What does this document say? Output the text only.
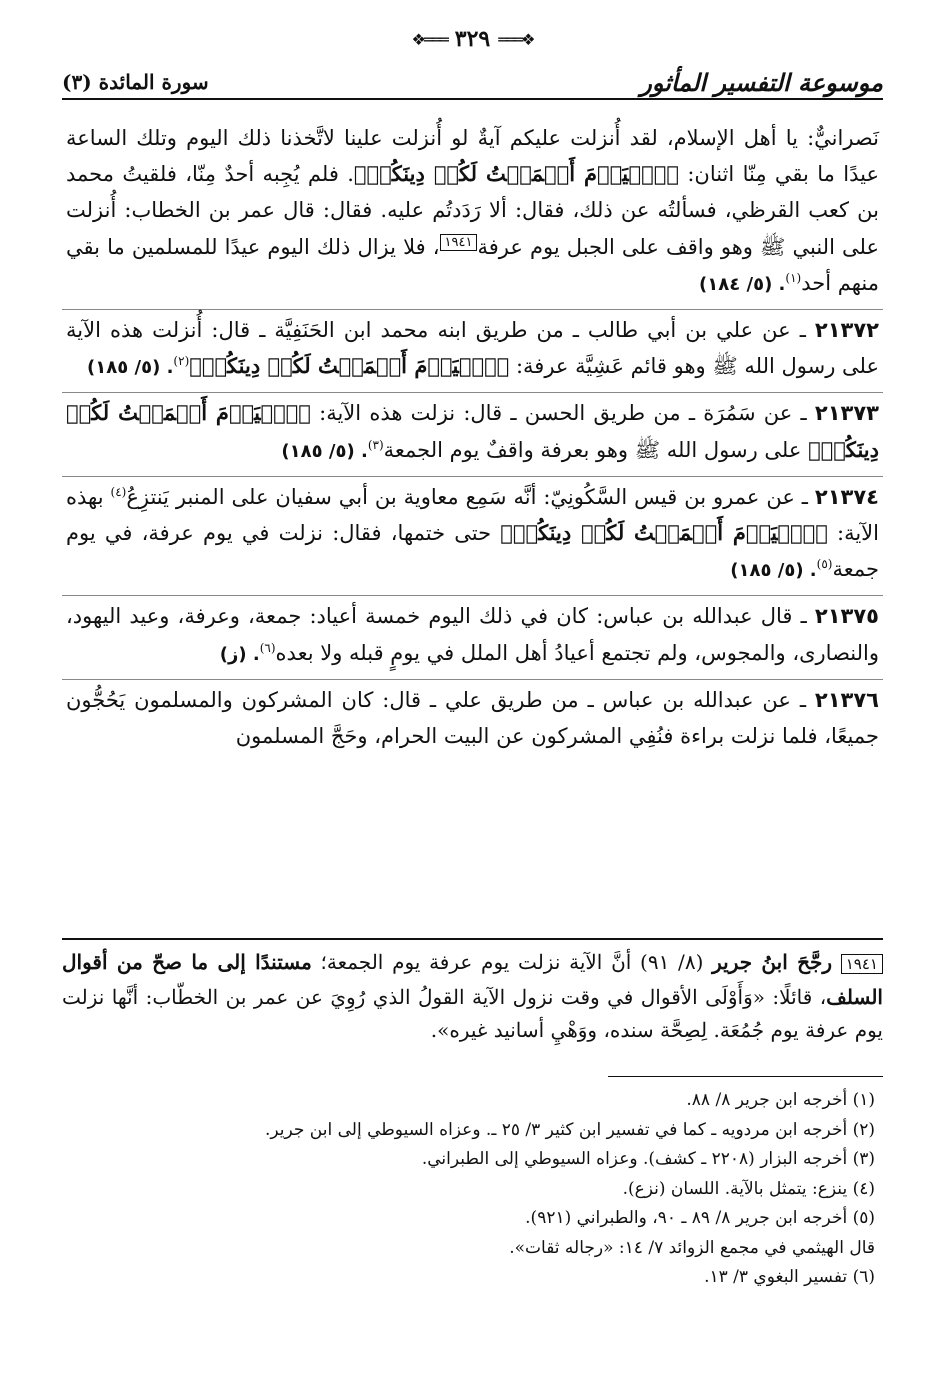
سورة المائدة (٣)	موسوعة التفسير المأثور
❖═══ ٣٢٩ ═══❖

نَصرانيٌّ: يا أهل الإسلام، لقد أُنزلت عليكم آيةٌ لو أُنزلت علينا لاتَّخذنا ذلك اليوم وتلك الساعة عيدًا ما بقي مِنّا اثنان: ﴿ٱلۡيَوۡمَ أَكۡمَلۡتُ لَكُمۡ دِينَكُمۡ﴾. فلم يُجِبه أحدٌ مِنّا، فلقيتُ محمد بن كعب القرظي، فسألتُه عن ذلك، فقال: ألا رَدَدتُم عليه. فقال: قال عمر بن الخطاب: أُنزلت على النبي ﷺ وهو واقف على الجبل يوم عرفة$^{١٩٤١}$، فلا يزال ذلك اليوم عيدًا للمسلمين ما بقي منهم أحد$^{(١)}$. (٥/ ١٨٤)

٢١٣٧٢ ـ عن علي بن أبي طالب ـ من طريق ابنه محمد ابن الحَنَفِيَّة ـ قال: أُنزلت هذه الآية على رسول الله ﷺ وهو قائم عَشِيَّة عرفة: ﴿ٱلۡيَوۡمَ أَكۡمَلۡتُ لَكُمۡ دِينَكُمۡ﴾$^{(٢)}$. (٥/ ١٨٥)

٢١٣٧٣ ـ عن سَمُرَة ـ من طريق الحسن ـ قال: نزلت هذه الآية: ﴿ٱلۡيَوۡمَ أَكۡمَلۡتُ لَكُمۡ دِينَكُمۡ﴾ على رسول الله ﷺ وهو بعرفة واقفٌ يوم الجمعة$^{(٣)}$. (٥/ ١٨٥)

٢١٣٧٤ ـ عن عمرو بن قيس السَّكُونِيّ: أنَّه سَمِع معاوية بن أبي سفيان على المنبر يَنتزِعُ$^{(٤)}$ بهذه الآية: ﴿ٱلۡيَوۡمَ أَكۡمَلۡتُ لَكُمۡ دِينَكُمۡ﴾ حتى ختمها، فقال: نزلت في يوم عرفة، في يوم جمعة$^{(٥)}$. (٥/ ١٨٥)

٢١٣٧٥ ـ قال عبدالله بن عباس: كان في ذلك اليوم خمسة أعياد: جمعة، وعرفة، وعيد اليهود، والنصارى، والمجوس، ولم تجتمع أعيادُ أهل الملل في يومٍ قبله ولا بعده$^{(٦)}$. (ز)

٢١٣٧٦ ـ عن عبدالله بن عباس ـ من طريق علي ـ قال: كان المشركون والمسلمون يَحُجُّون جميعًا، فلما نزلت براءة فنُفِي المشركون عن البيت الحرام، وحَجَّ المسلمون

١٩٤١ رجَّحَ ابنُ جرير (٨/ ٩١) أنَّ الآية نزلت يوم عرفة يوم الجمعة؛ مستندًا إلى ما صحّ من أقوال السلف، قائلًا: «وَأَوْلَى الأقوال في وقت نزول الآية القولُ الذي رُوِيَ عن عمر بن الخطّاب: أنَّها نزلت يوم عرفة يوم جُمُعَة. لِصِحَّة سنده، ووَهْيِ أسانيد غيره».

(١) أخرجه ابن جرير ٨/ ٨٨.

(٢) أخرجه ابن مردويه ـ كما في تفسير ابن كثير ٣/ ٢٥ ـ. وعزاه السيوطي إلى ابن جرير.

(٣) أخرجه البزار (٢٢٠٨ ـ كشف). وعزاه السيوطي إلى الطبراني.

(٤) ينزع: يتمثل بالآية. اللسان (نزع).

(٥) أخرجه ابن جرير ٨/ ٨٩ ـ ٩٠، والطبراني (٩٢١).

قال الهيثمي في مجمع الزوائد ٧/ ١٤: «رجاله ثقات».

(٦) تفسير البغوي ٣/ ١٣.
